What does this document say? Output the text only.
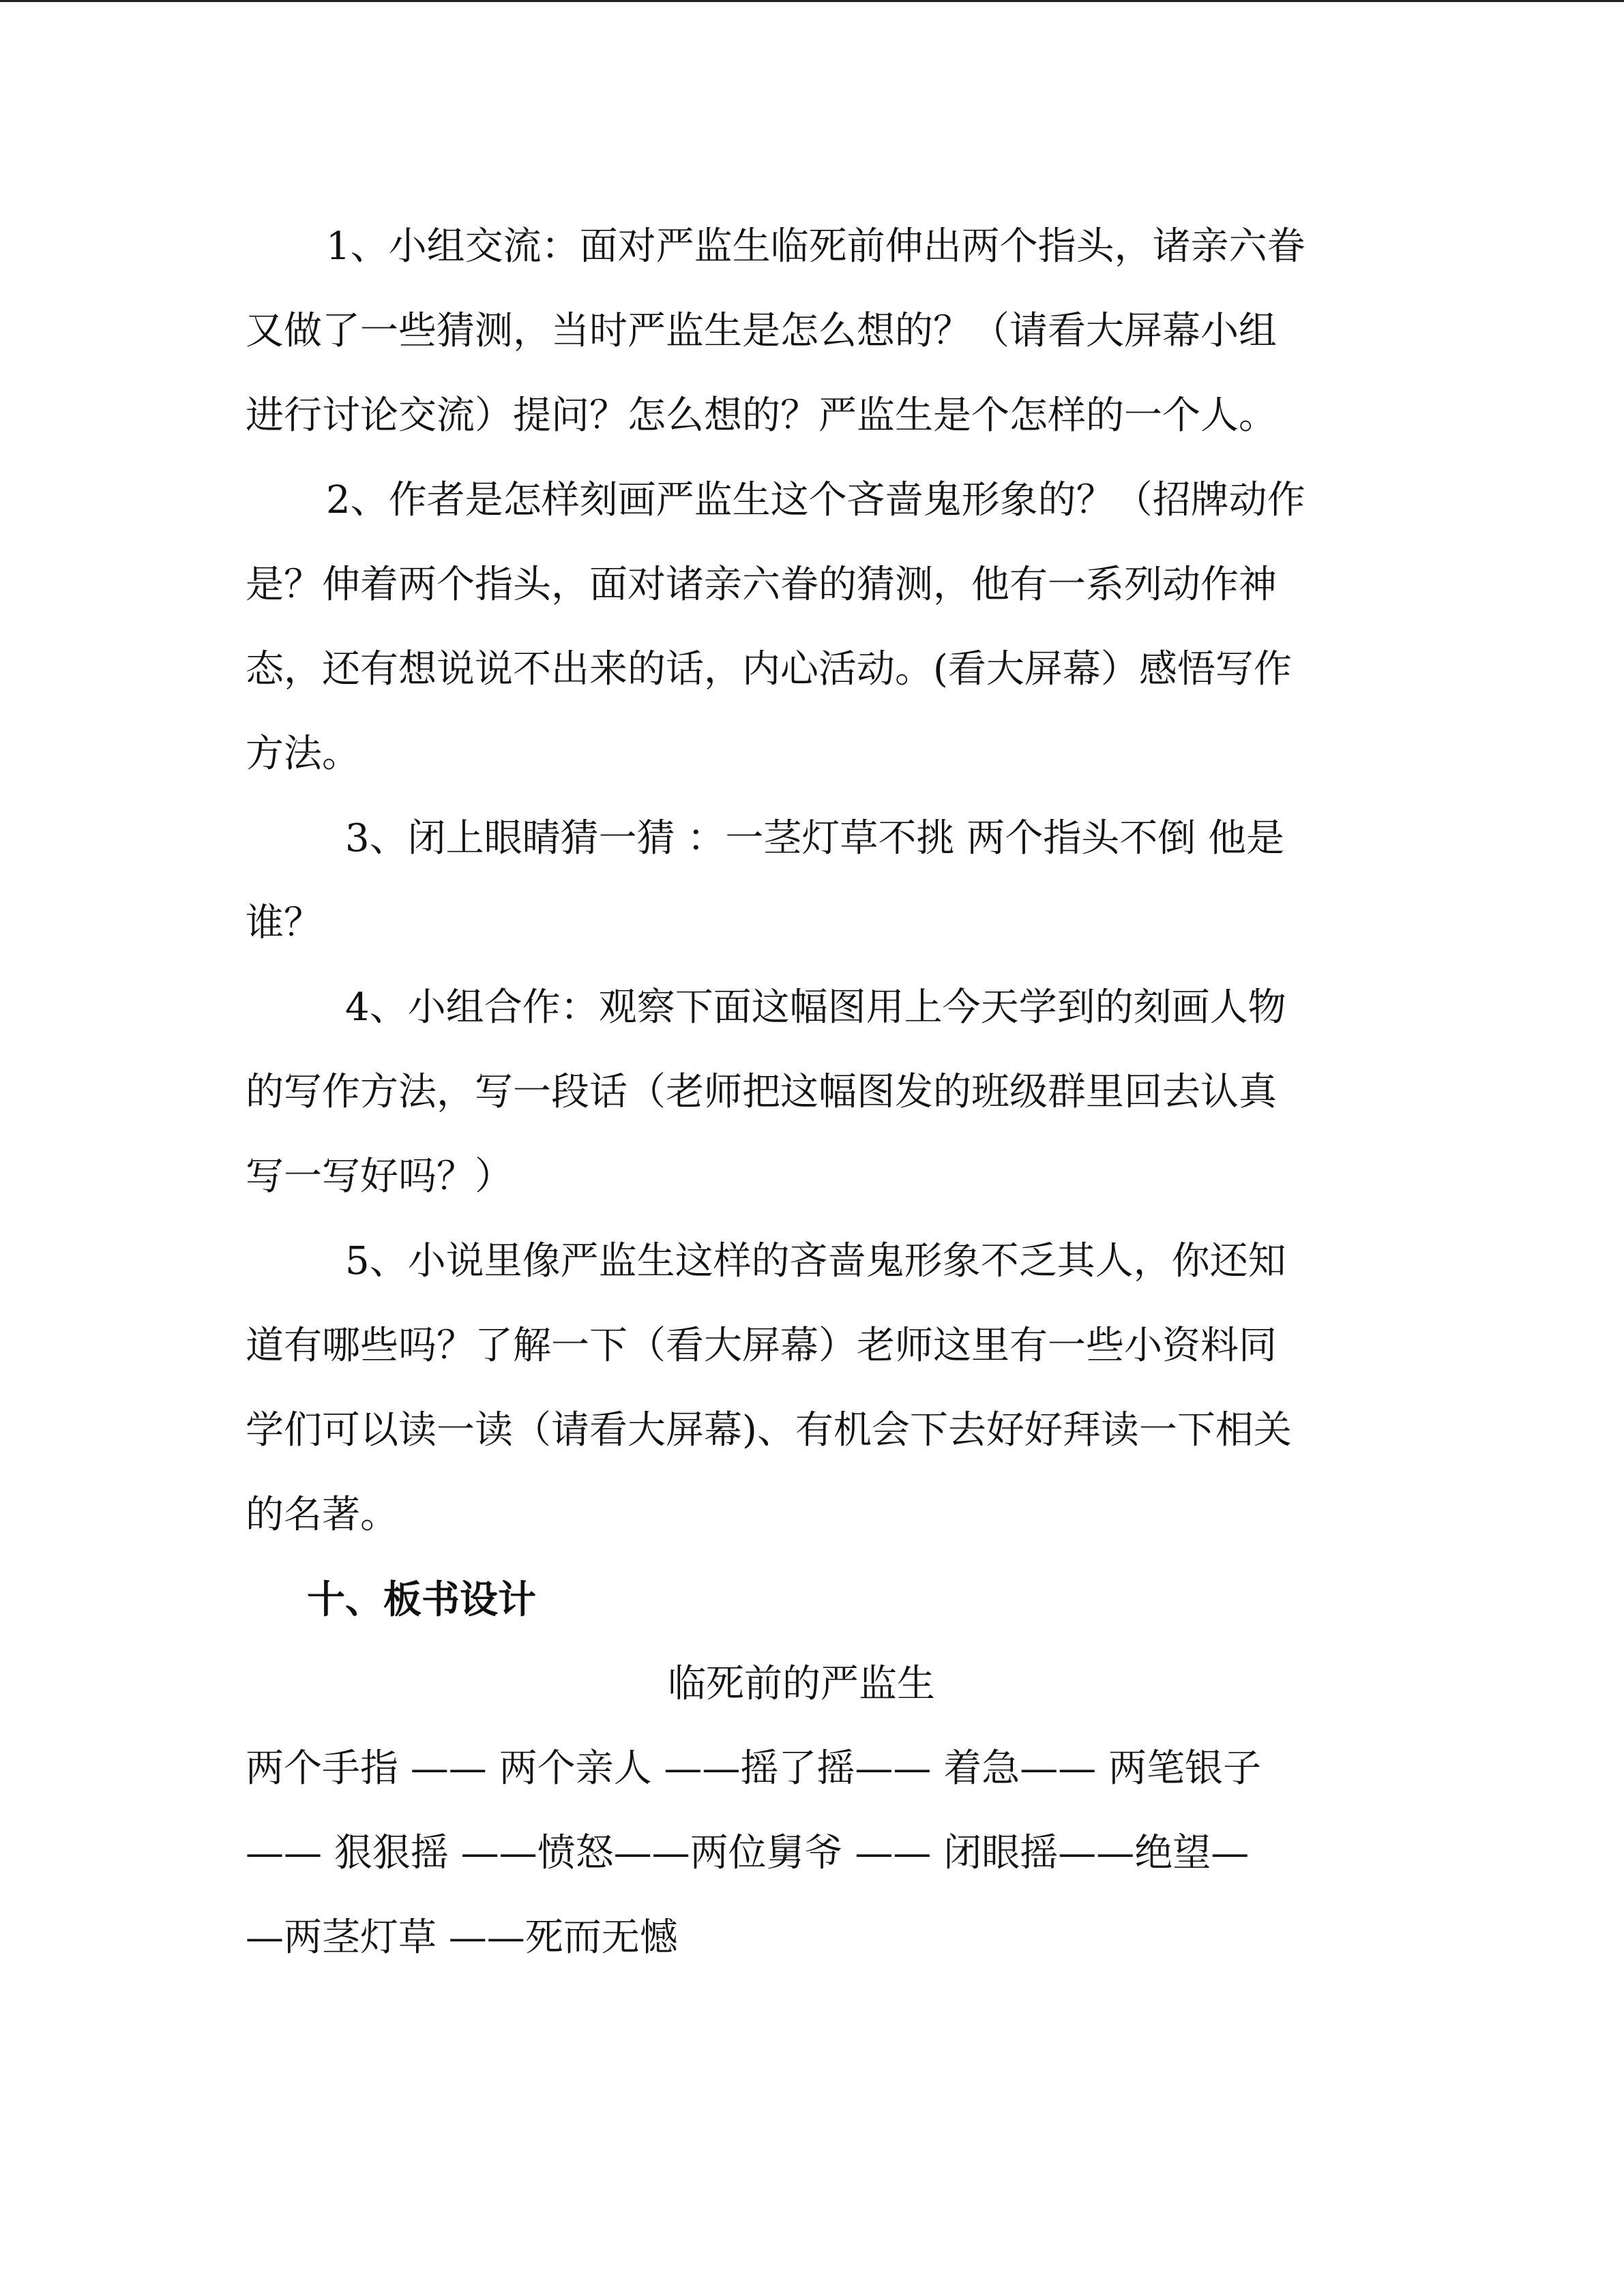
1、小组交流：面对严监生临死前伸出两个指头，诸亲六眷
又做了一些猜测，当时严监生是怎么想的？（请看大屏幕小组
进行讨论交流）提问？怎么想的？严监生是个怎样的一个人。

2、作者是怎样刻画严监生这个吝啬鬼形象的？（招牌动作
是？伸着两个指头，面对诸亲六眷的猜测，他有一系列动作神
态，还有想说说不出来的话，内心活动。(看大屏幕）感悟写作
方法。

3、闭上眼睛猜一猜 ：一茎灯草不挑 两个指头不倒 他是
谁？

4、小组合作：观察下面这幅图用上今天学到的刻画人物
的写作方法，写一段话（老师把这幅图发的班级群里回去认真
写一写好吗？）

5、小说里像严监生这样的吝啬鬼形象不乏其人，你还知
道有哪些吗？了解一下（看大屏幕）老师这里有一些小资料同
学们可以读一读（请看大屏幕)、有机会下去好好拜读一下相关
的名著。

十、板书设计

临死前的严监生

两个手指 —— 两个亲人 ——摇了摇—— 着急—— 两笔银子
—— 狠狠摇 ——愤怒——两位舅爷 —— 闭眼摇——绝望—
—两茎灯草 ——死而无憾
